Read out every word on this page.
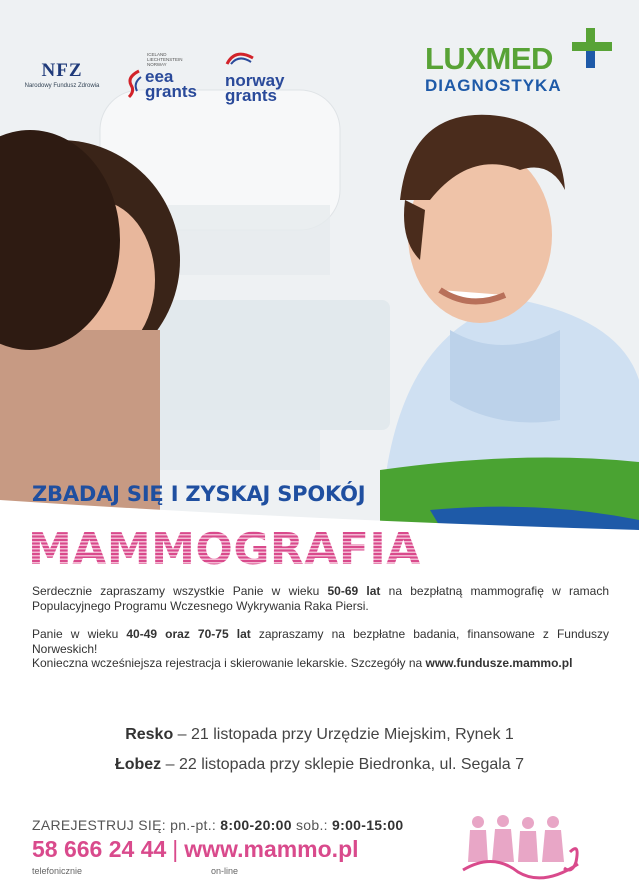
NFZ
Narodowy Fundusz Zdrowia
ICELAND
LIECHTENSTEIN
NORWAY
eea
grants
norway
grants
LUXMED
DIAGNOSTYKA
ZBADAJ SIĘ I ZYSKAJ SPOKÓJ
MAMMOGRAFIA

Serdecznie zapraszamy wszystkie Panie w wieku 50-69 lat na bezpłatną mammografię w ramach Populacyjnego Programu Wczesnego Wykrywania Raka Piersi.

Panie w wieku 40-49 oraz 70-75 lat zapraszamy na bezpłatne badania, finansowane z Funduszy Norweskich!

Konieczna wcześniejsza rejestracja i skierowanie lekarskie. Szczegóły na www.fundusze.mammo.pl

Resko – 21 listopada przy Urzędzie Miejskim, Rynek 1
Łobez – 22 listopada przy sklepie Biedronka, ul. Segala 7
ZAREJESTRUJ SIĘ: pn.-pt.: 8:00-20:00 sob.: 9:00-15:00
58 666 24 44 | www.mammo.pl
telefonicznie	on-line
